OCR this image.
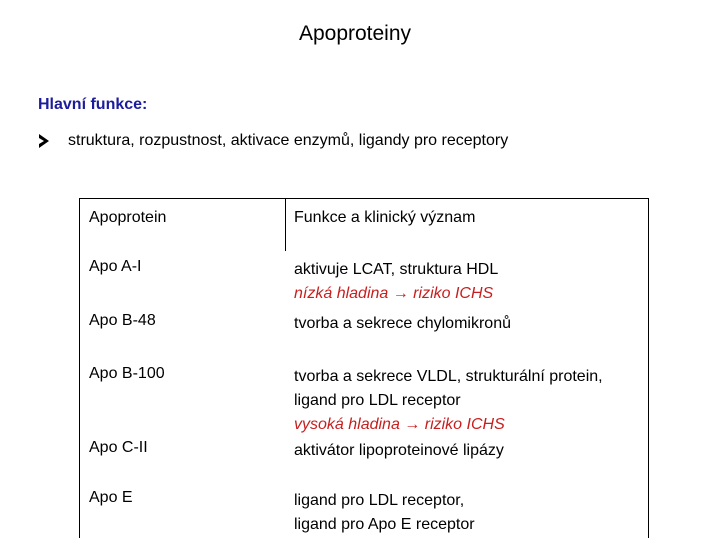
Apoproteiny
Hlavní funkce:
struktura, rozpustnost, aktivace enzymů, ligandy pro receptory
Apoprotein	Funkce a klinický význam
Apo A-I	aktivuje LCAT, struktura HDL
nízká hladina → riziko ICHS
Apo B-48	tvorba a sekrece chylomikronů
Apo B-100	tvorba a sekrece VLDL, strukturální protein,
ligand pro LDL receptor
vysoká hladina → riziko ICHS
Apo C-II	aktivátor lipoproteinové lipázy
Apo E	ligand pro LDL receptor,
ligand pro Apo E receptor
